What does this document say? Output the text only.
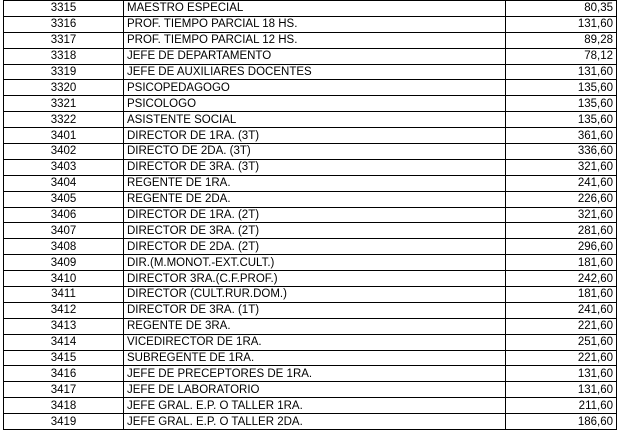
3315	MAESTRO ESPECIAL	80,35
3316	PROF. TIEMPO PARCIAL 18 HS.	131,60
3317	PROF. TIEMPO PARCIAL 12 HS.	89,28
3318	JEFE DE DEPARTAMENTO	78,12
3319	JEFE DE AUXILIARES DOCENTES	131,60
3320	PSICOPEDAGOGO	135,60
3321	PSICOLOGO	135,60
3322	ASISTENTE SOCIAL	135,60
3401	DIRECTOR DE 1RA. (3T)	361,60
3402	DIRECTO DE 2DA. (3T)	336,60
3403	DIRECTOR DE 3RA. (3T)	321,60
3404	REGENTE DE 1RA.	241,60
3405	REGENTE DE 2DA.	226,60
3406	DIRECTOR DE 1RA. (2T)	321,60
3407	DIRECTOR DE 3RA. (2T)	281,60
3408	DIRECTOR DE 2DA. (2T)	296,60
3409	DIR.(M.MONOT.-EXT.CULT.)	181,60
3410	DIRECTOR 3RA.(C.F.PROF.)	242,60
3411	DIRECTOR (CULT.RUR.DOM.)	181,60
3412	DIRECTOR DE 3RA. (1T)	241,60
3413	REGENTE DE 3RA.	221,60
3414	VICEDIRECTOR DE 1RA.	251,60
3415	SUBREGENTE DE 1RA.	221,60
3416	JEFE DE PRECEPTORES DE 1RA.	131,60
3417	JEFE DE LABORATORIO	131,60
3418	JEFE GRAL. E.P. O TALLER 1RA.	211,60
3419	JEFE GRAL. E.P. O TALLER 2DA.	186,60
